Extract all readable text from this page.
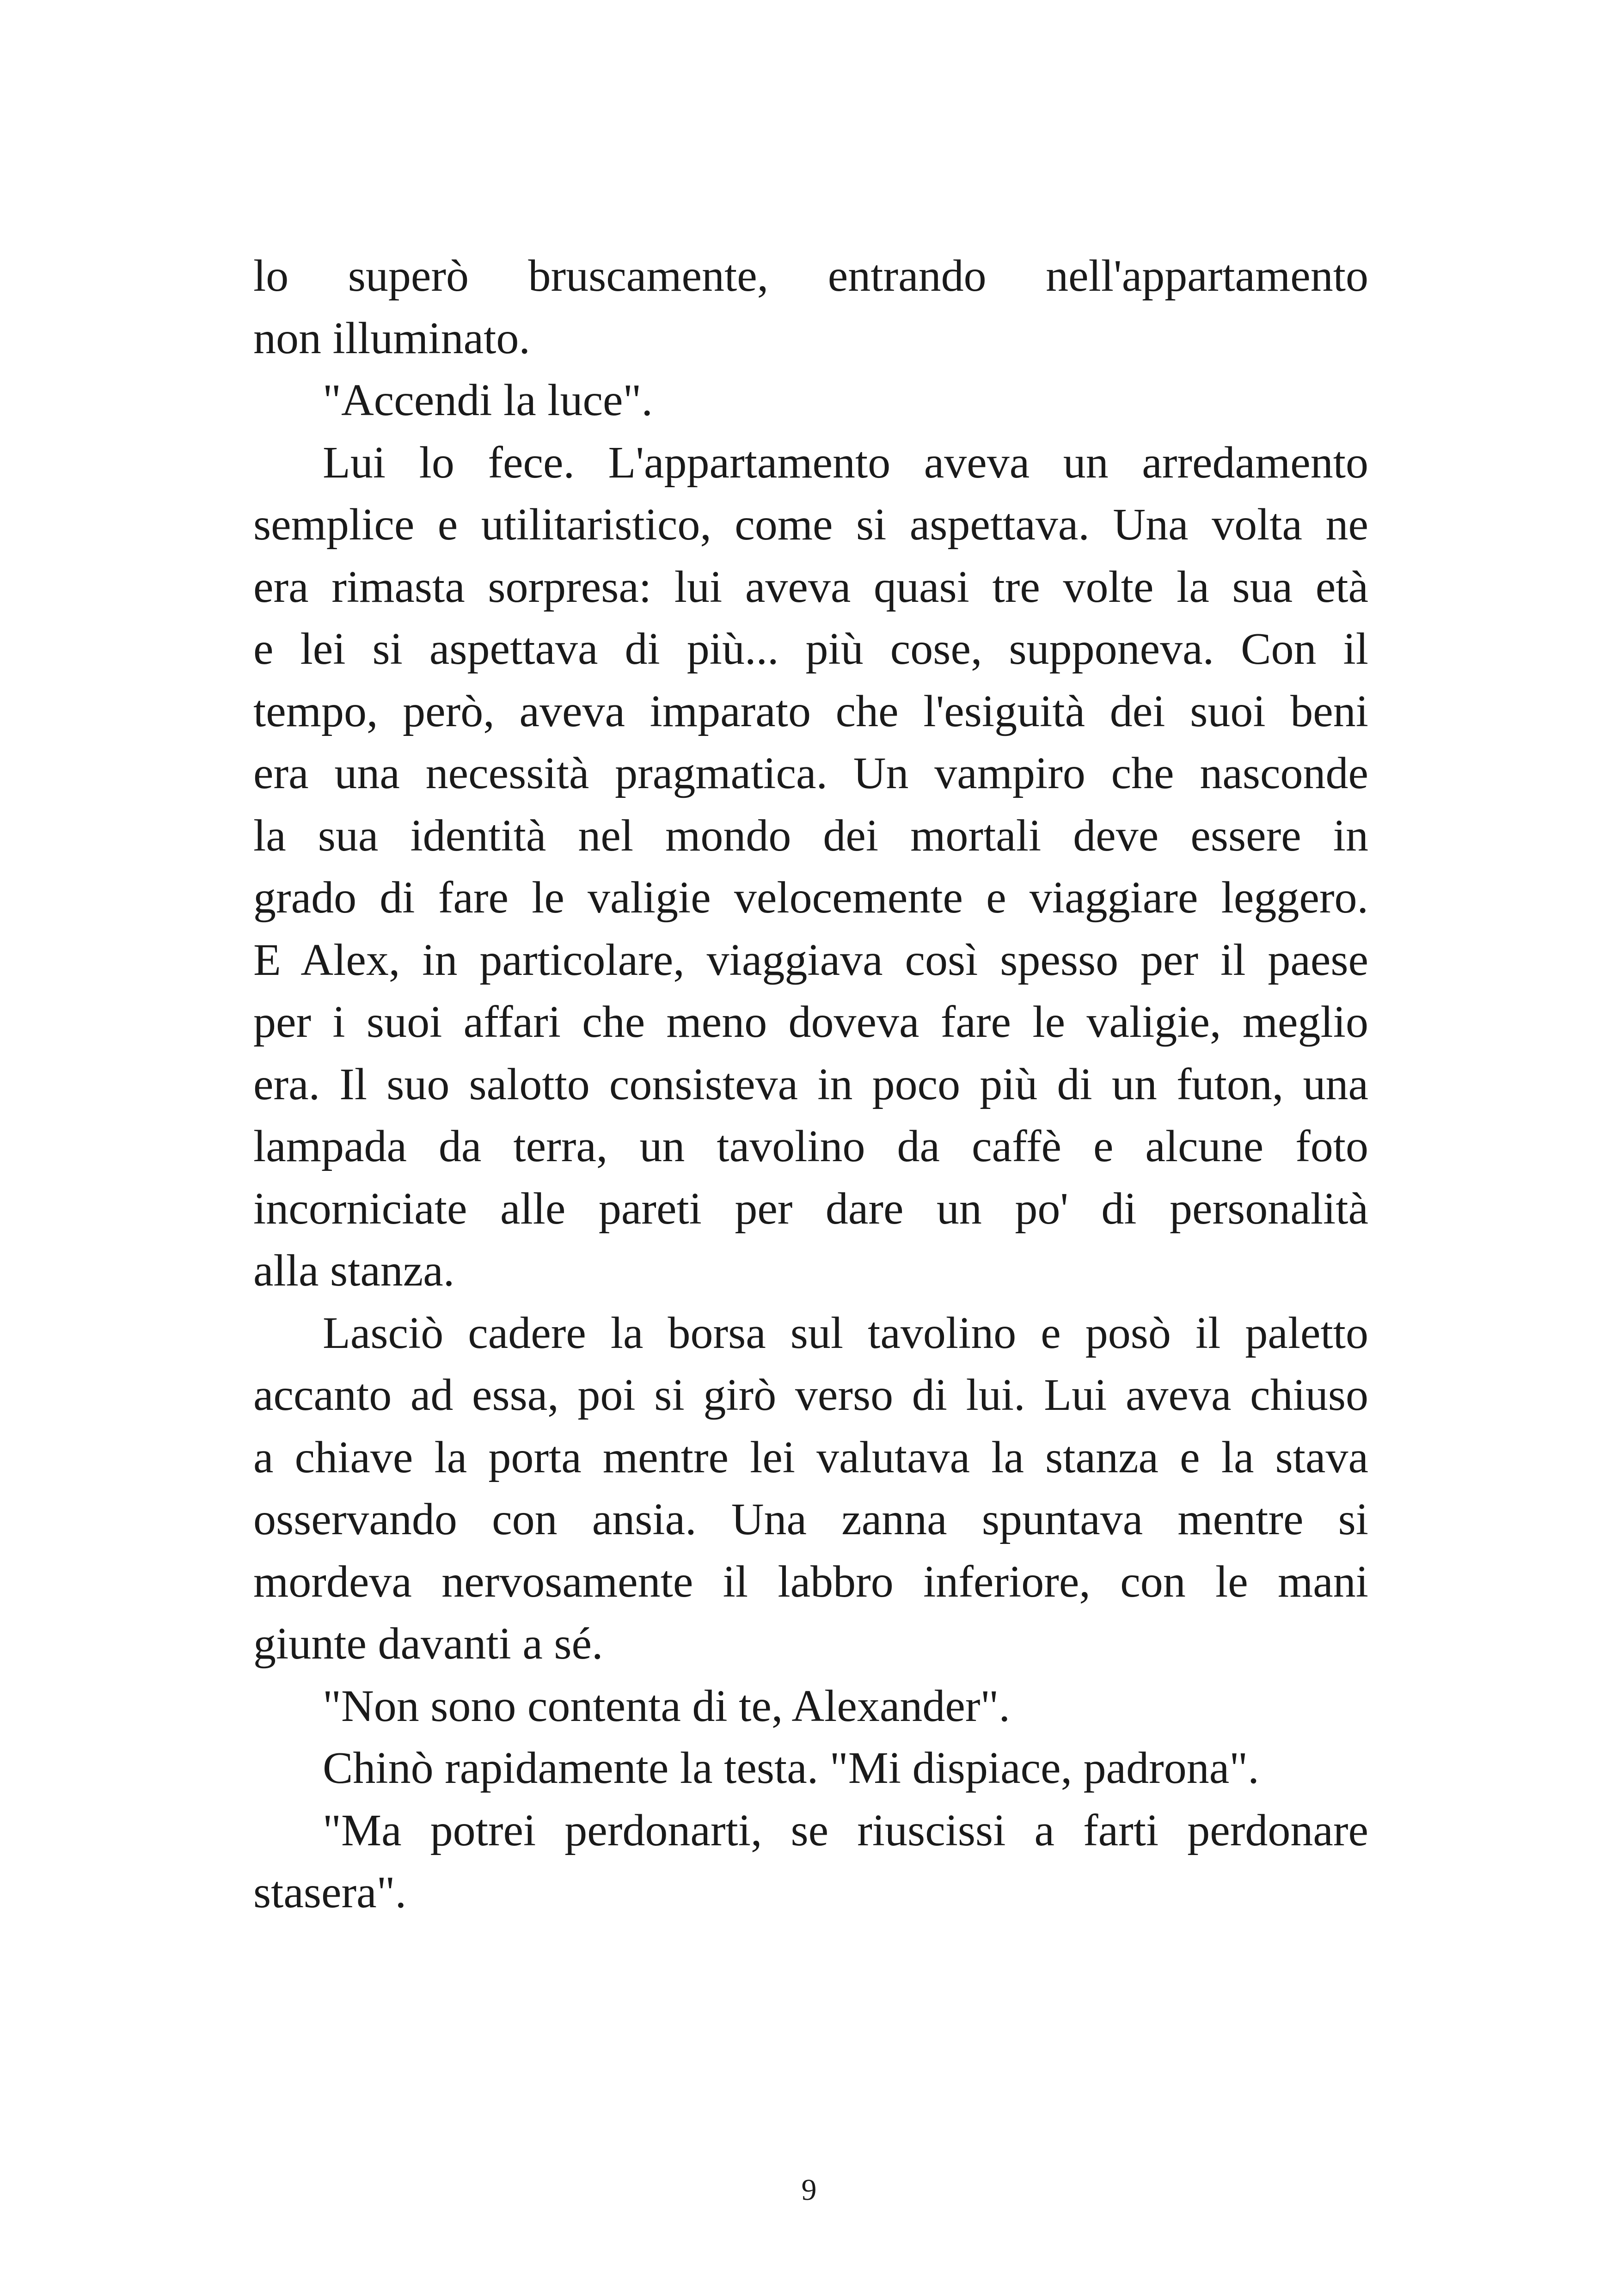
lo superò bruscamente, entrando nell'appartamento
non illuminato.
"Accendi la luce".
Lui lo fece. L'appartamento aveva un arredamento
semplice e utilitaristico, come si aspettava. Una volta ne
era rimasta sorpresa: lui aveva quasi tre volte la sua età
e lei si aspettava di più... più cose, supponeva. Con il
tempo, però, aveva imparato che l'esiguità dei suoi beni
era una necessità pragmatica. Un vampiro che nasconde
la sua identità nel mondo dei mortali deve essere in
grado di fare le valigie velocemente e viaggiare leggero.
E Alex, in particolare, viaggiava così spesso per il paese
per i suoi affari che meno doveva fare le valigie, meglio
era. Il suo salotto consisteva in poco più di un futon, una
lampada da terra, un tavolino da caffè e alcune foto
incorniciate alle pareti per dare un po' di personalità
alla stanza.
Lasciò cadere la borsa sul tavolino e posò il paletto
accanto ad essa, poi si girò verso di lui. Lui aveva chiuso
a chiave la porta mentre lei valutava la stanza e la stava
osservando con ansia. Una zanna spuntava mentre si
mordeva nervosamente il labbro inferiore, con le mani
giunte davanti a sé.
"Non sono contenta di te, Alexander".
Chinò rapidamente la testa. "Mi dispiace, padrona".
"Ma potrei perdonarti, se riuscissi a farti perdonare
stasera".
9
